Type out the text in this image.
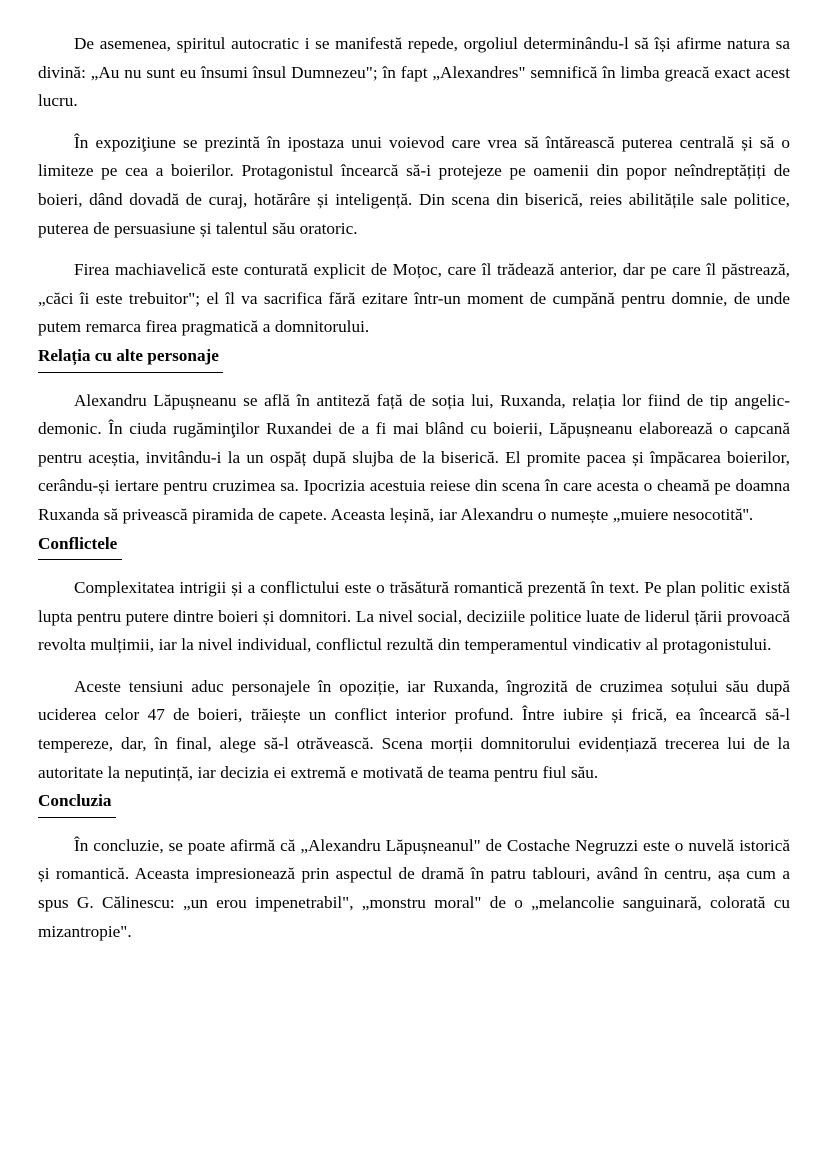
De asemenea, spiritul autocratic i se manifestă repede, orgoliul determinându-l să își afirme natura sa divină: „Au nu sunt eu însumi însul Dumnezeu"; în fapt „Alexandres" semnifică în limba greacă exact acest lucru.

În expoziţiune se prezintă în ipostaza unui voievod care vrea să întărească puterea centrală și să o limiteze pe cea a boierilor. Protagonistul încearcă să-i protejeze pe oamenii din popor neîndreptățiți de boieri, dând dovadă de curaj, hotărâre și inteligență. Din scena din biserică, reies abilitățile sale politice, puterea de persuasiune și talentul său oratoric.

Firea machiavelică este conturată explicit de Moțoc, care îl trădează anterior, dar pe care îl păstrează, „căci îi este trebuitor"; el îl va sacrifica fără ezitare într-un moment de cumpănă pentru domnie, de unde putem remarca firea pragmatică a domnitorului.

Relația cu alte personaje

Alexandru Lăpușneanu se află în antiteză față de soția lui, Ruxanda, relația lor fiind de tip angelic-demonic. În ciuda rugăminţilor Ruxandei de a fi mai blând cu boierii, Lăpușneanu elaborează o capcană pentru aceștia, invitându-i la un ospăț după slujba de la biserică. El promite pacea și împăcarea boierilor, cerându-și iertare pentru cruzimea sa. Ipocrizia acestuia reiese din scena în care acesta o cheamă pe doamna Ruxanda să privească piramida de capete. Aceasta leșină, iar Alexandru o numește „muiere nesocotită''.

Conflictele

Complexitatea intrigii și a conflictului este o trăsătură romantică prezentă în text. Pe plan politic există lupta pentru putere dintre boieri și domnitori. La nivel social, deciziile politice luate de liderul țării provoacă revolta mulțimii, iar la nivel individual, conflictul rezultă din temperamentul vindicativ al protagonistului.

Aceste tensiuni aduc personajele în opoziție, iar Ruxanda, îngrozită de cruzimea soțului său după uciderea celor 47 de boieri, trăiește un conflict interior profund. Între iubire și frică, ea încearcă să-l tempereze, dar, în final, alege să-l otrăvească. Scena morții domnitorului evidențiază trecerea lui de la autoritate la neputință, iar decizia ei extremă e motivată de teama pentru fiul său.

Concluzia

În concluzie, se poate afirmă că „Alexandru Lăpușneanul" de Costache Negruzzi este o nuvelă istorică și romantică. Aceasta impresionează prin aspectul de dramă în patru tablouri, având în centru, așa cum a spus G. Călinescu: „un erou impenetrabil", „monstru moral" de o „melancolie sanguinară, colorată cu mizantropie".
